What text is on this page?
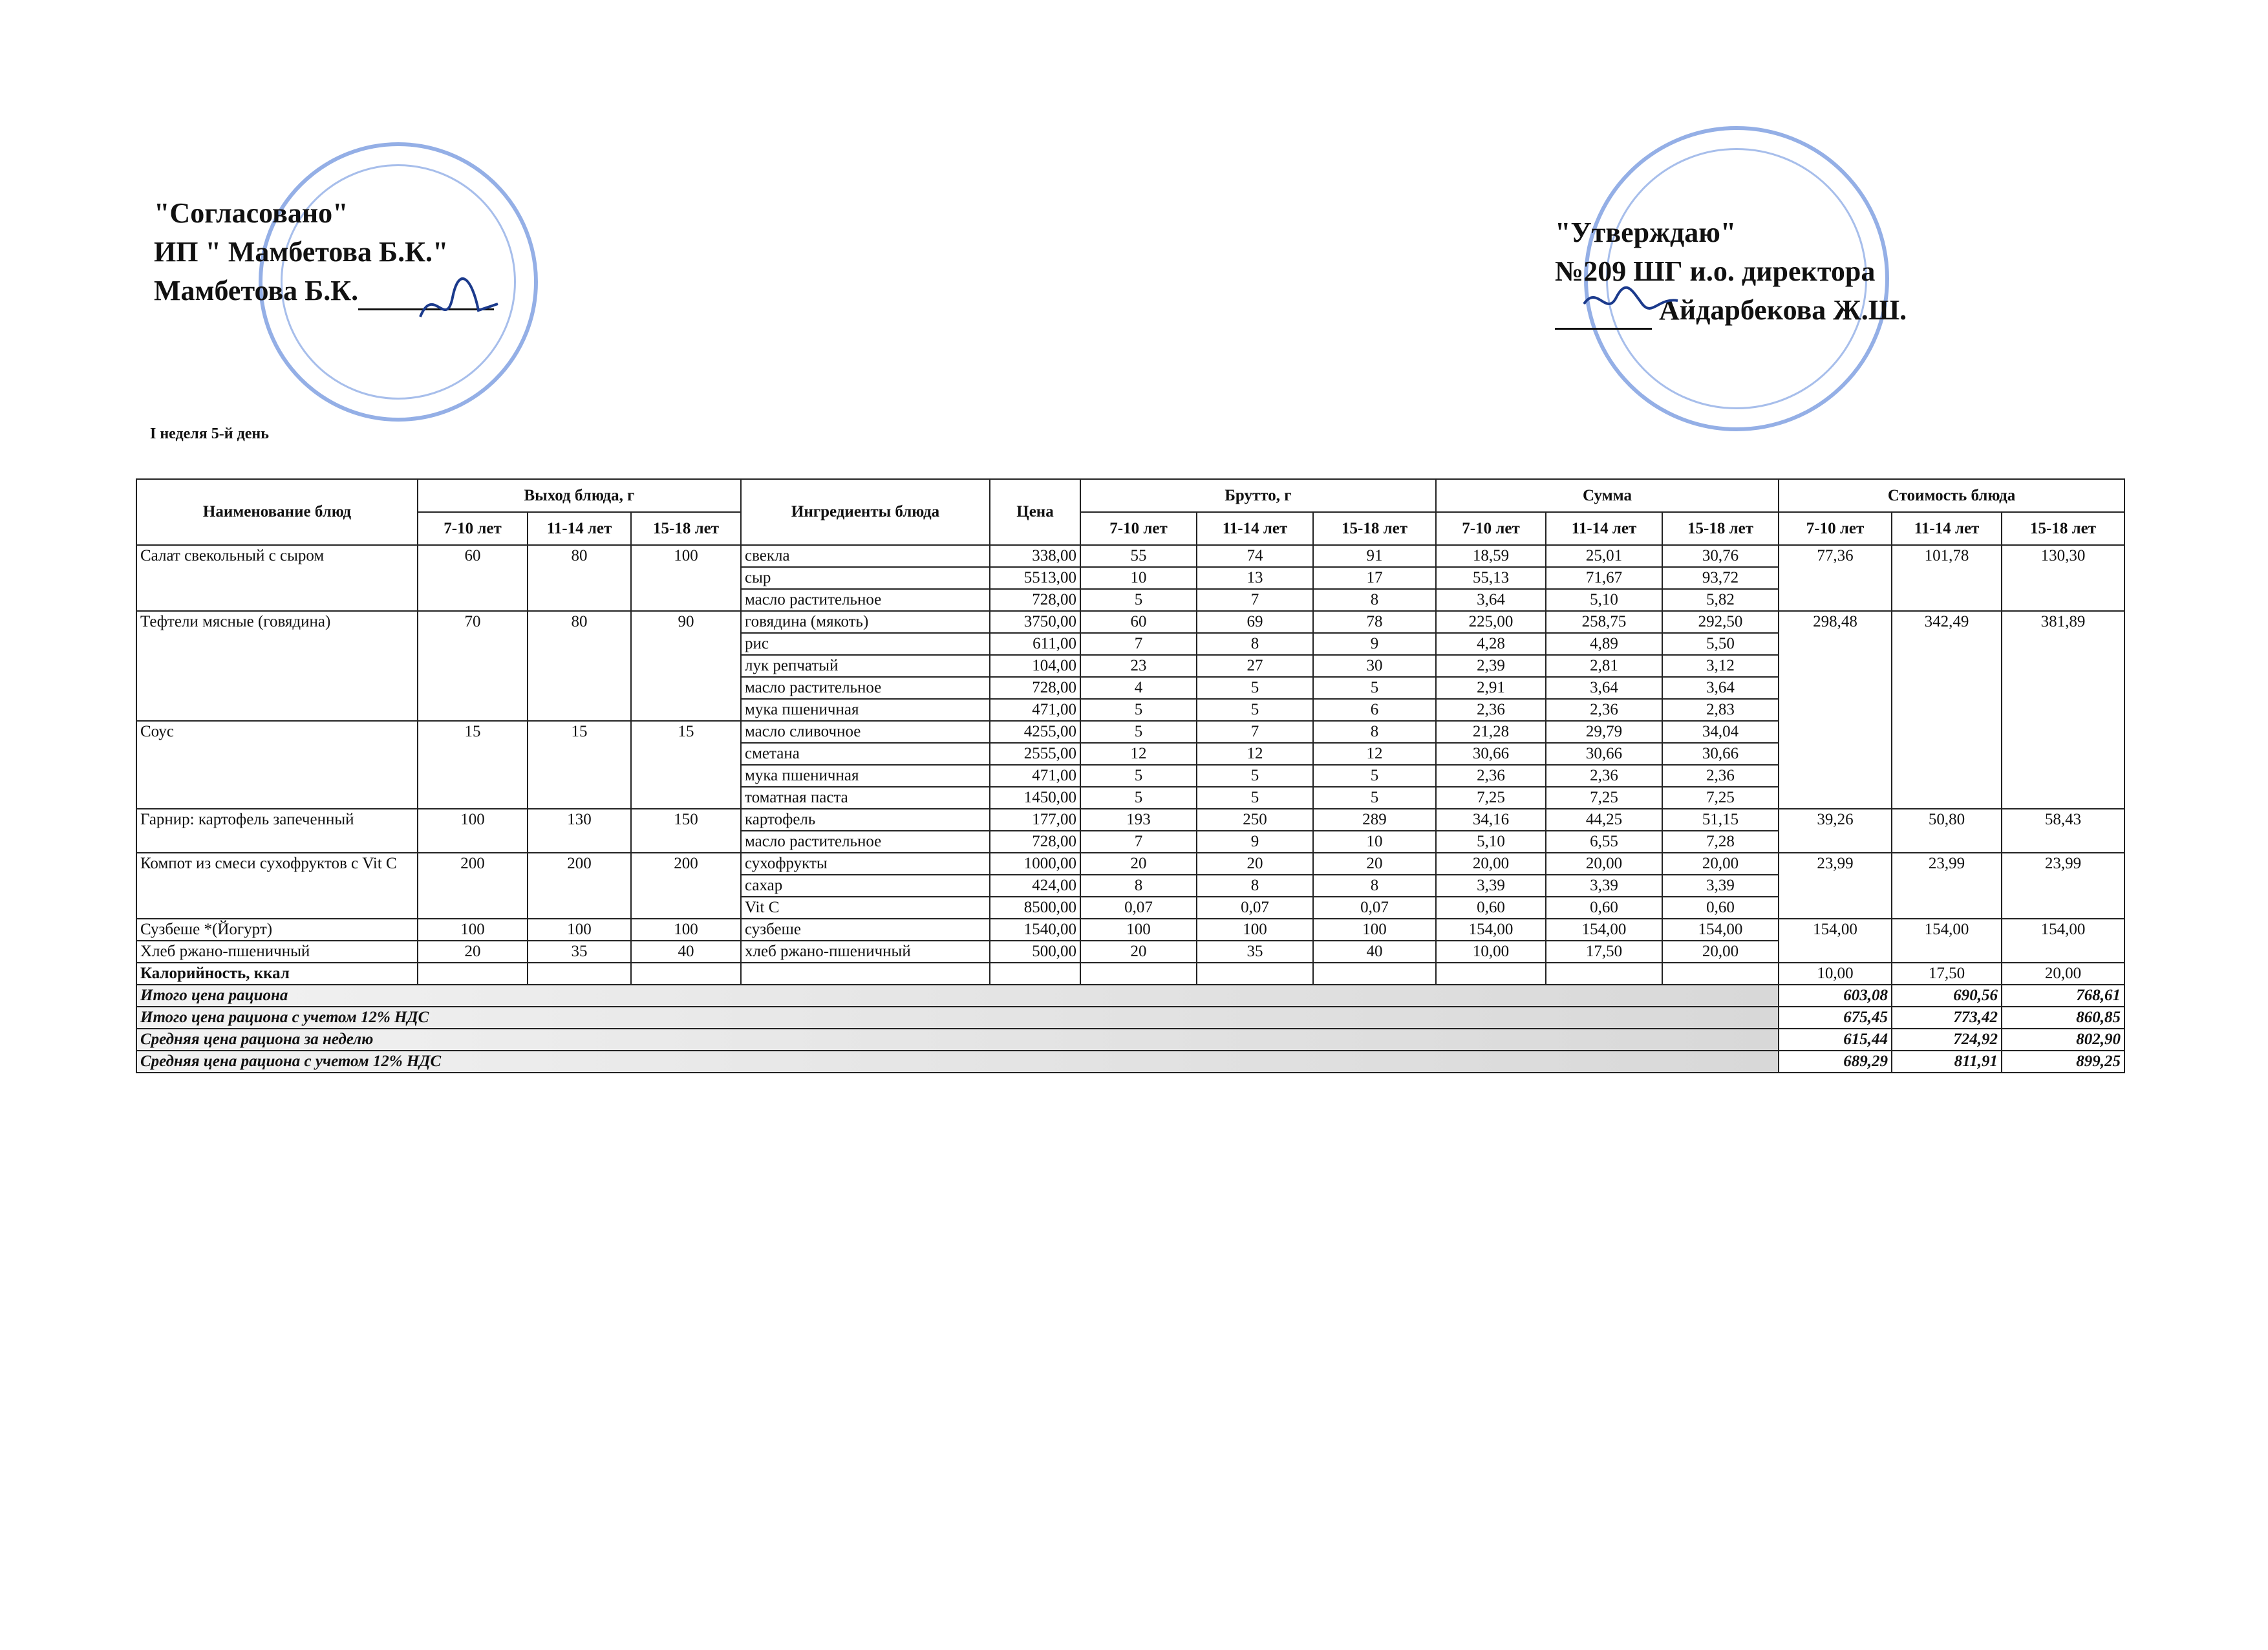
"Согласовано"
ИП " Мамбетова Б.К."
Мамбетова Б.К.
"Утверждаю"
№209 ШГ и.о. директора
Айдарбекова Ж.Ш.
I неделя 5-й день
Наименование блюд	Выход блюда, г			Ингредиенты блюда	Цена	Брутто, г			Сумма			Стоимость блюда		
	7-10 лет	11-14 лет	15-18 лет			7-10 лет	11-14 лет	15-18 лет	7-10 лет	11-14 лет	15-18 лет	7-10 лет	11-14 лет	15-18 лет
Салат свекольный с сыром	60	80	100	свекла	338,00	55	74	91	18,59	25,01	30,76	77,36	101,78	130,30
				сыр	5513,00	10	13	17	55,13	71,67	93,72			
				масло растительное	728,00	5	7	8	3,64	5,10	5,82			
Тефтели мясные (говядина)	70	80	90	говядина (мякоть)	3750,00	60	69	78	225,00	258,75	292,50	298,48	342,49	381,89
				рис	611,00	7	8	9	4,28	4,89	5,50			
				лук репчатый	104,00	23	27	30	2,39	2,81	3,12			
				масло растительное	728,00	4	5	5	2,91	3,64	3,64			
				мука пшеничная	471,00	5	5	6	2,36	2,36	2,83			
Соус	15	15	15	масло сливочное	4255,00	5	7	8	21,28	29,79	34,04			
				сметана	2555,00	12	12	12	30,66	30,66	30,66			
				мука пшеничная	471,00	5	5	5	2,36	2,36	2,36			
				томатная паста	1450,00	5	5	5	7,25	7,25	7,25			
Гарнир: картофель запеченный	100	130	150	картофель	177,00	193	250	289	34,16	44,25	51,15	39,26	50,80	58,43
				масло растительное	728,00	7	9	10	5,10	6,55	7,28			
Компот из смеси сухофруктов с Vit C	200	200	200	сухофрукты	1000,00	20	20	20	20,00	20,00	20,00	23,99	23,99	23,99
				сахар	424,00	8	8	8	3,39	3,39	3,39			
				Vit C	8500,00	0,07	0,07	0,07	0,60	0,60	0,60			
Сузбеше *(Йогурт)	100	100	100	сузбеше	1540,00	100	100	100	154,00	154,00	154,00	154,00	154,00	154,00
Хлеб ржано-пшеничный	20	35	40	хлеб ржано-пшеничный	500,00	20	35	40	10,00	17,50	20,00			
Калорийность, ккал												10,00	17,50	20,00
Итого цена рациона												603,08	690,56	768,61
Итого цена рациона с учетом 12% НДС												675,45	773,42	860,85
Средняя цена рациона за неделю												615,44	724,92	802,90
Средняя цена рациона с учетом 12% НДС												689,29	811,91	899,25
